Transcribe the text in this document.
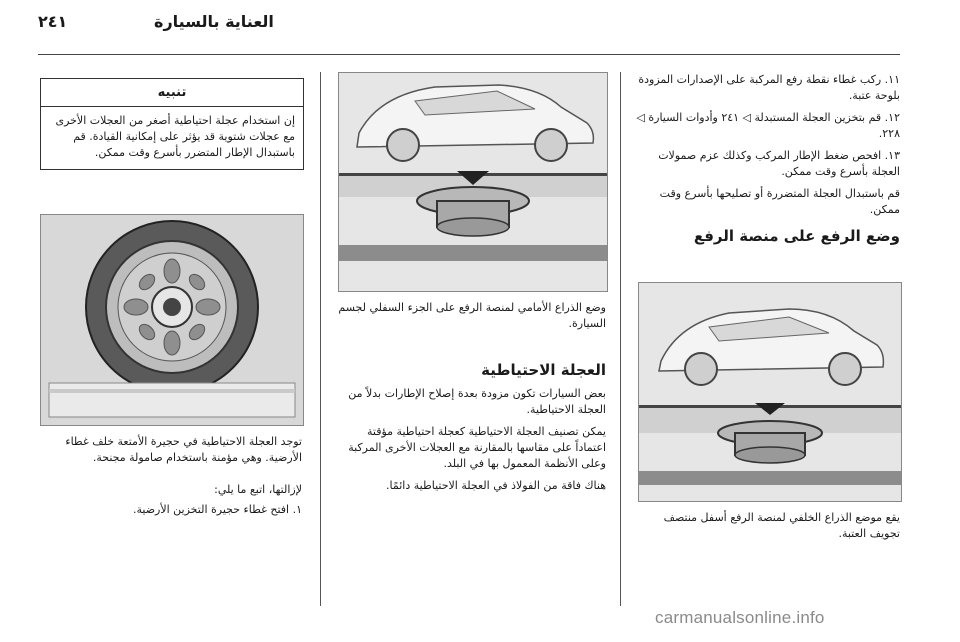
٢٤١	العناية بالسيارة

١١. ركب غطاء نقطة رفع المركبة على الإصدارات المزودة بلوحة عتبة.

١٢. قم بتخزين العجلة المستبدلة ◁ ٢٤١ وأدوات السيارة ◁ ٢٢٨.

١٣. افحص ضغط الإطار المركب وكذلك عزم صمولات العجلة بأسرع وقت ممكن.

قم باستبدال العجلة المتضررة أو تصليحها بأسرع وقت ممكن.

وضع الرفع على منصة الرفع
يقع موضع الذراع الخلفي لمنصة الرفع أسفل منتصف تجويف العتبة.
وضع الذراع الأمامي لمنصة الرفع على الجزء السفلي لجسم السيارة.
العجلة الاحتياطية

بعض السيارات تكون مزودة بعدة إصلاح الإطارات بدلاً من العجلة الاحتياطية.

يمكن تصنيف العجلة الاحتياطية كعجلة احتياطية مؤقتة اعتماداً على مقاسها بالمقارنة مع العجلات الأخرى المركبة وعلى الأنظمة المعمول بها في البلد.

هناك فاقة من الفولاذ في العجلة الاحتياطية دائمًا.

تنبيه
إن استخدام عجلة احتياطية أصغر من العجلات الأخرى مع عجلات شتوية قد يؤثر على إمكانية القيادة. قم باستبدال الإطار المتضرر بأسرع وقت ممكن.
توجد العجلة الاحتياطية في حجيرة الأمتعة خلف غطاء الأرضية. وهي مؤمنة باستخدام صامولة مجنحة.
لإزالتها، اتبع ما يلي:
١. افتح غطاء حجيرة التخزين الأرضية.
carmanualsonline.info
